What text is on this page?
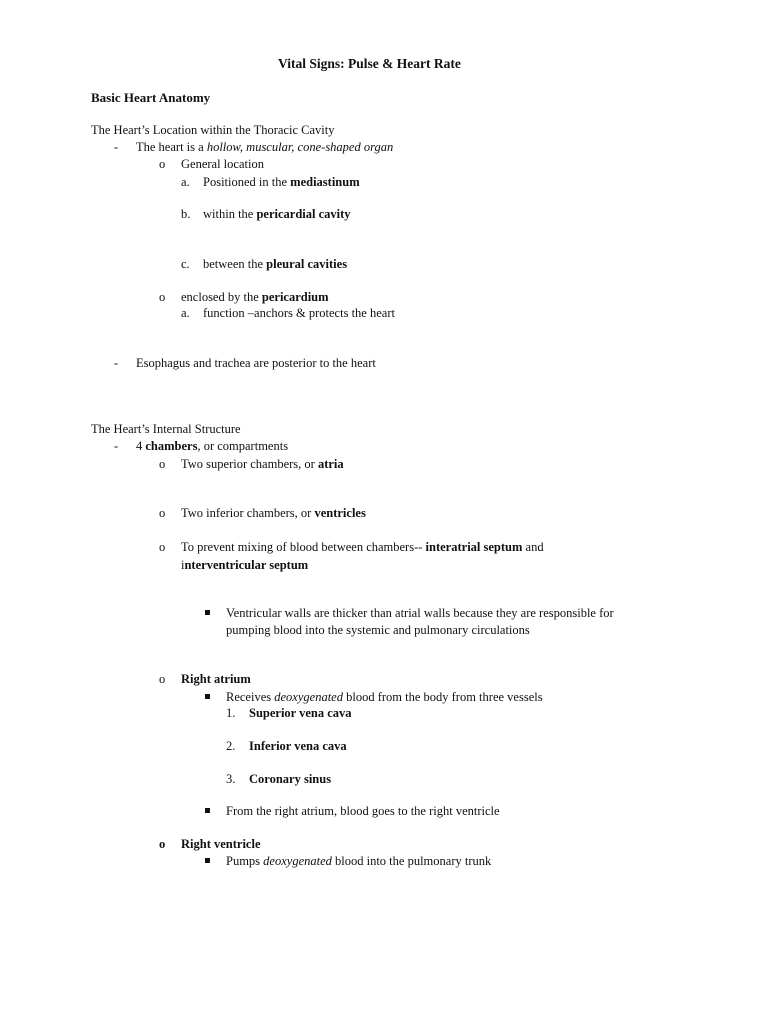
Vital Signs: Pulse & Heart Rate
Basic Heart Anatomy
The Heart’s Location within the Thoracic Cavity
- The heart is a hollow, muscular, cone-shaped organ
o General location
a. Positioned in the mediastinum
b. within the pericardial cavity
c. between the pleural cavities
o enclosed by the pericardium
a. function –anchors & protects the heart
- Esophagus and trachea are posterior to the heart
The Heart’s Internal Structure
- 4 chambers, or compartments
o Two superior chambers, or atria
o Two inferior chambers, or ventricles
o To prevent mixing of blood between chambers-- interatrial septum and
interventricular septum
Ventricular walls are thicker than atrial walls because they are responsible for
pumping blood into the systemic and pulmonary circulations
o Right atrium
Receives deoxygenated blood from the body from three vessels
1. Superior vena cava
2. Inferior vena cava
3. Coronary sinus
From the right atrium, blood goes to the right ventricle
o Right ventricle
Pumps deoxygenated blood into the pulmonary trunk
